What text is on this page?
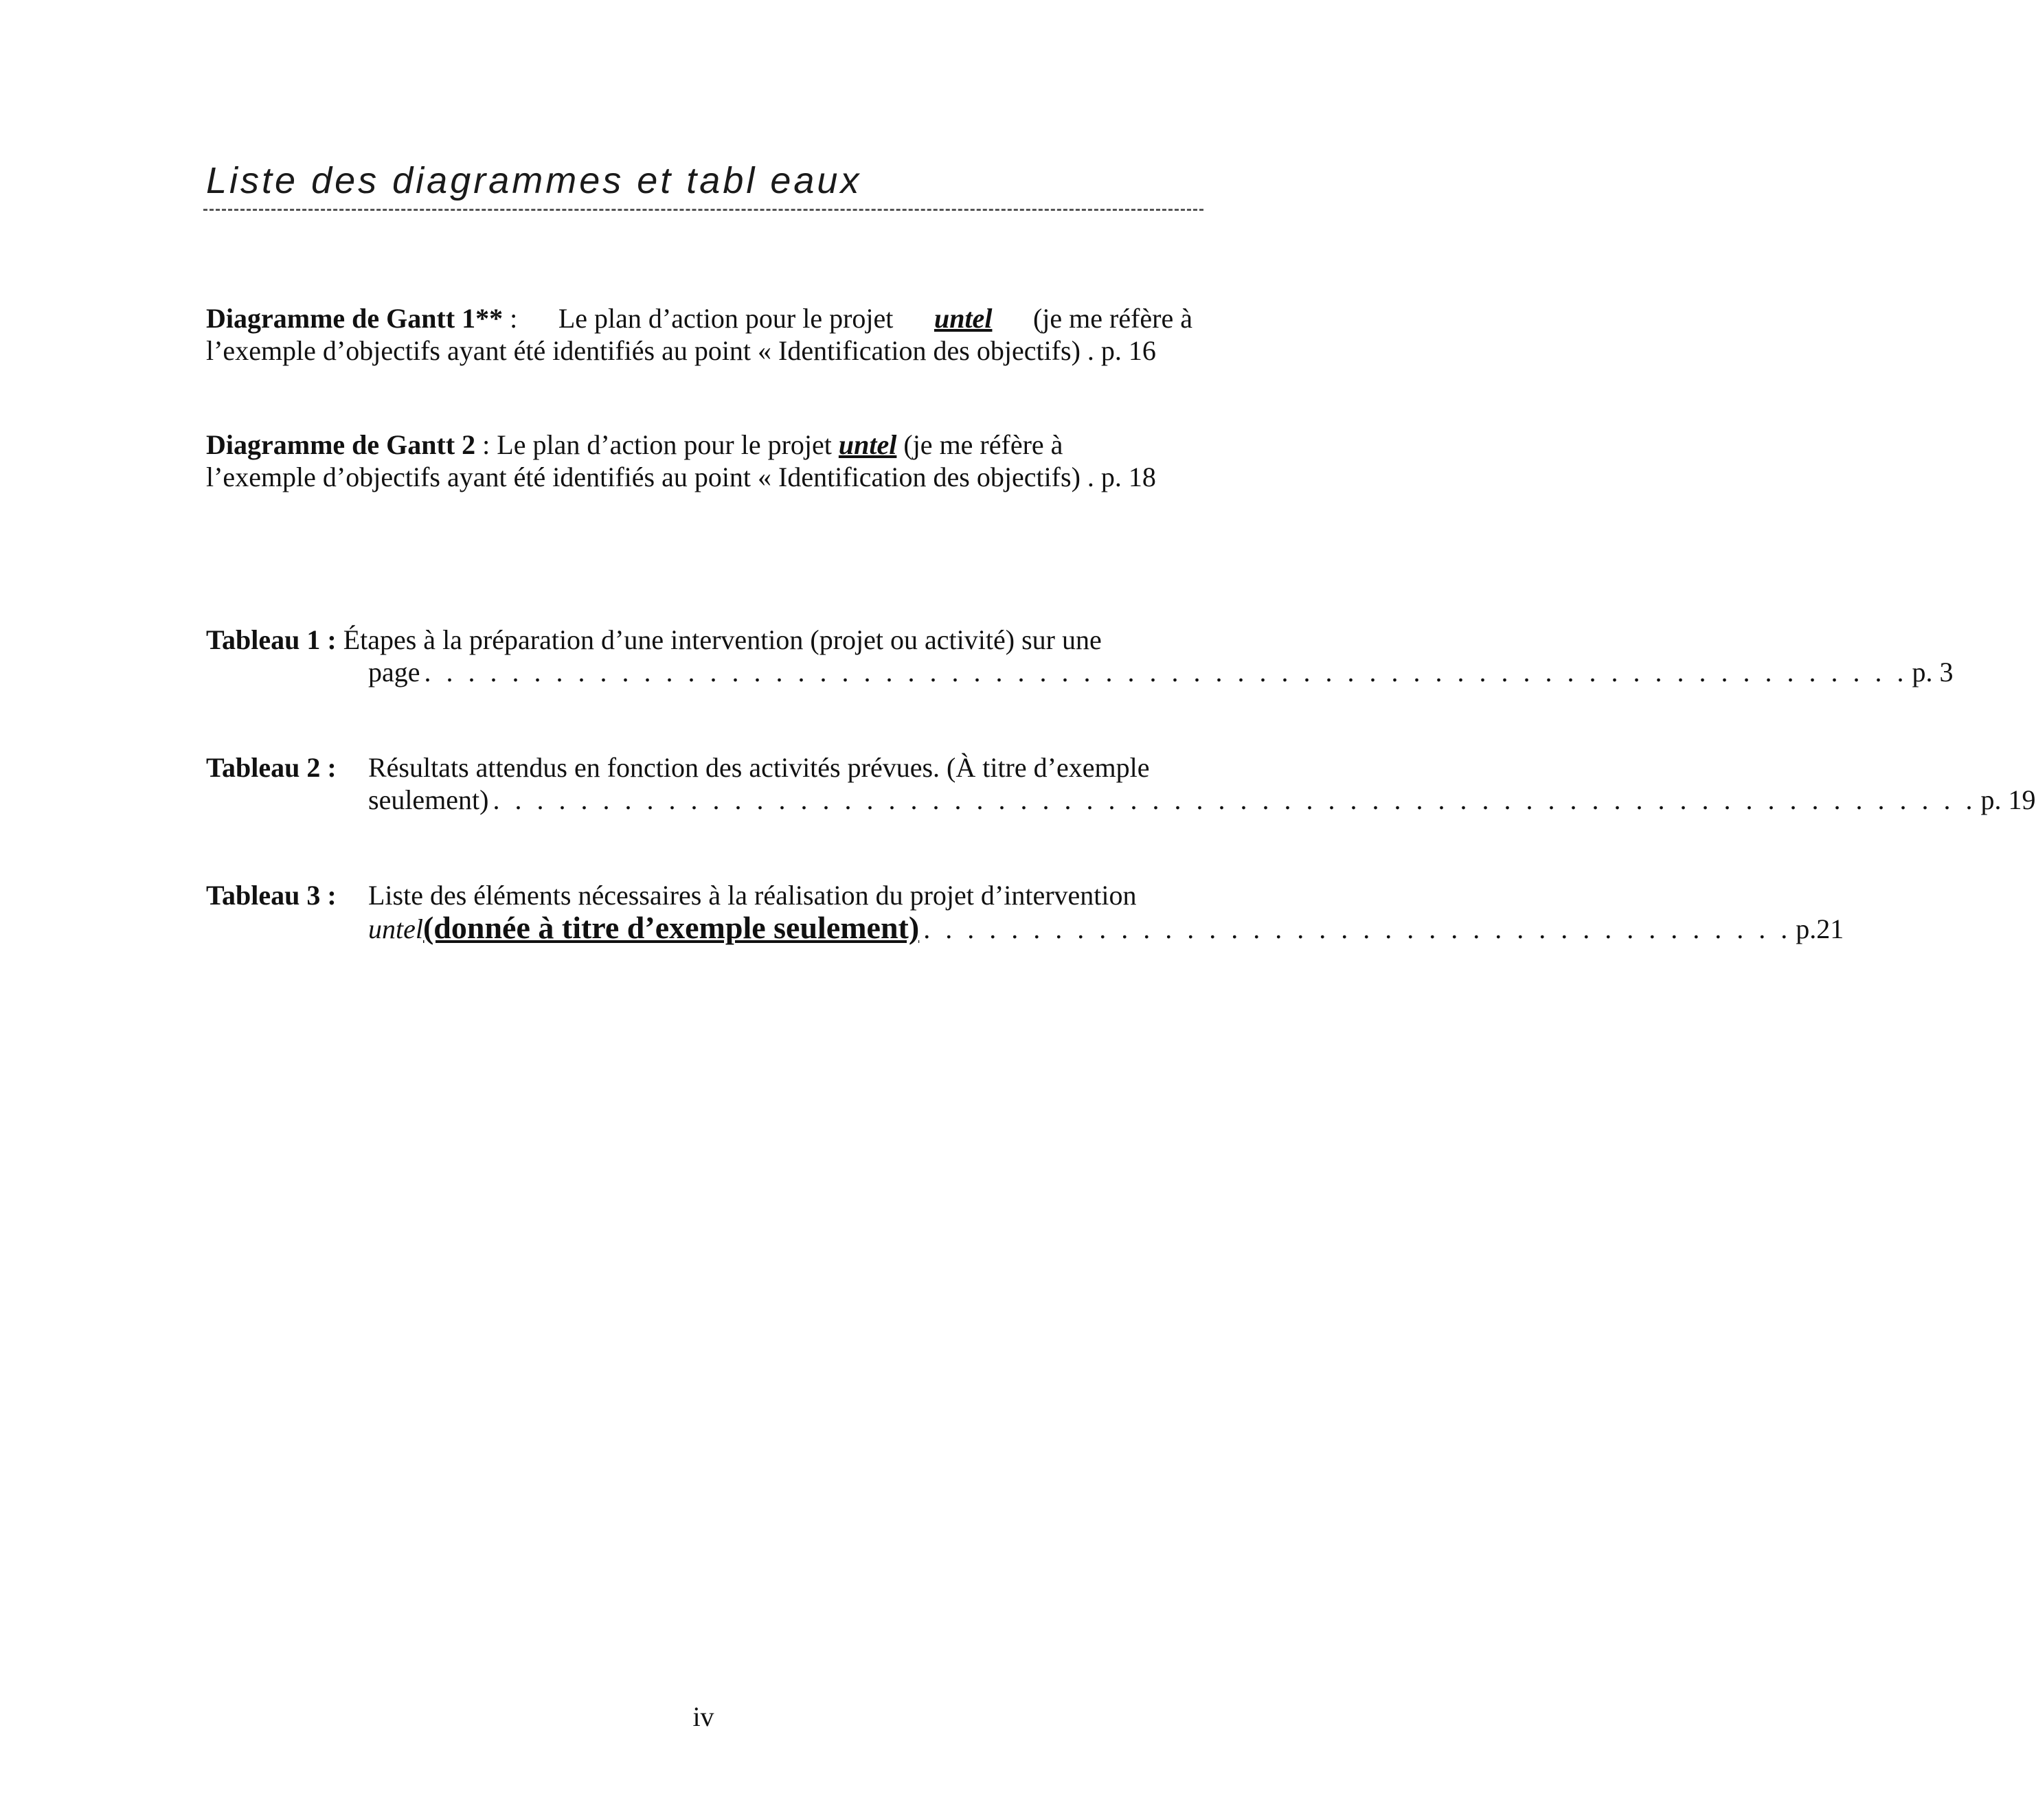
Liste des diagrammes et tabl eaux
Diagramme de Gantt 1** : Le plan d’action pour le projet untel (je me réfère à
l’exemple d’objectifs ayant été identifiés au point « Identification des objectifs) . p. 16
Diagramme de Gantt 2 : Le plan d’action pour le projet untel (je me réfère à
l’exemple d’objectifs ayant été identifiés au point « Identification des objectifs) . p. 18
Tableau 1 : Étapes à la préparation d’une intervention (projet ou activité) sur une
page . . . . . . . . . . . . . . . . . . . . . . . . . . . . . . . . . . . . . . . . . . . . . . . . . . . . . . . . . . . . . . . . . . . . p. 3
Tableau 2 : Résultats attendus en fonction des activités prévues. (À titre d’exemple
seulement) . . . . . . . . . . . . . . . . . . . . . . . . . . . . . . . . . . . . . . . . . . . . . . . . . . . . . . . . . . . . . . . . . . . . p. 19
Tableau 3 : Liste des éléments nécessaires à la réalisation du projet d’intervention
untel (donnée à titre d’exemple seulement) . . . . . . . . . . . . . . . . . . . . . . . . . . . . . . . . . . . . . . . . p.21
iv
